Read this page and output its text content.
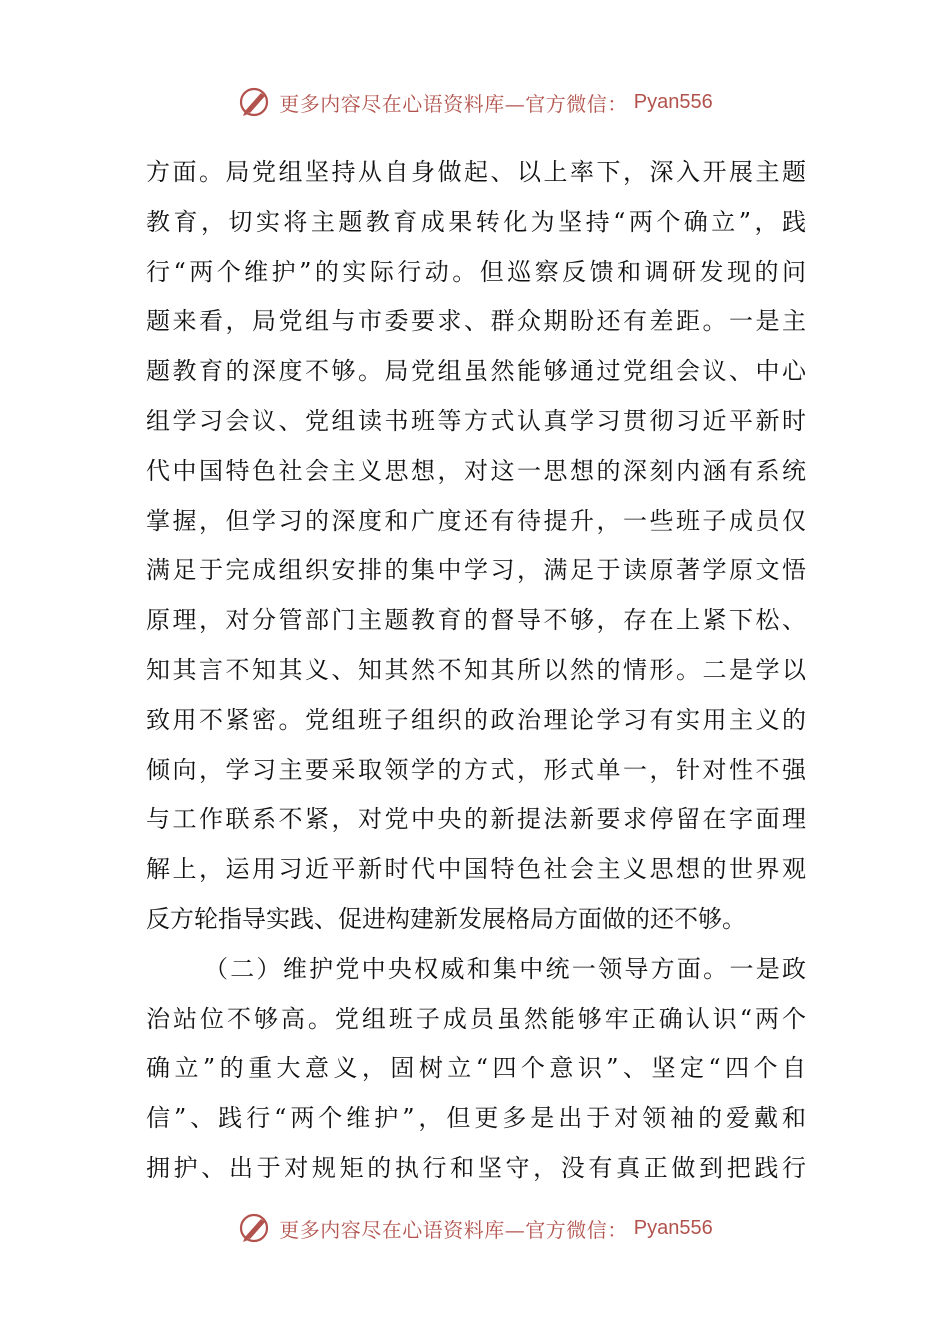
更多内容尽在心语资料库—官方微信： Pyan556
方面。局党组坚持从自身做起、以上率下，深入开展主题
教育，切实将主题教育成果转化为坚持“两个确立”，践
行“两个维护”的实际行动。但巡察反馈和调研发现的问
题来看，局党组与市委要求、群众期盼还有差距。一是主
题教育的深度不够。局党组虽然能够通过党组会议、中心
组学习会议、党组读书班等方式认真学习贯彻习近平新时
代中国特色社会主义思想，对这一思想的深刻内涵有系统
掌握，但学习的深度和广度还有待提升，一些班子成员仅
满足于完成组织安排的集中学习，满足于读原著学原文悟
原理，对分管部门主题教育的督导不够，存在上紧下松、
知其言不知其义、知其然不知其所以然的情形。二是学以
致用不紧密。党组班子组织的政治理论学习有实用主义的
倾向，学习主要采取领学的方式，形式单一，针对性不强
与工作联系不紧，对党中央的新提法新要求停留在字面理
解上，运用习近平新时代中国特色社会主义思想的世界观
反方轮指导实践、促进构建新发展格局方面做的还不够。
（二）维护党中央权威和集中统一领导方面。一是政
治站位不够高。党组班子成员虽然能够牢正确认识“两个
确立”的重大意义，固树立“四个意识”、坚定“四个自
信”、践行“两个维护”，但更多是出于对领袖的爱戴和
拥护、出于对规矩的执行和坚守，没有真正做到把践行
更多内容尽在心语资料库—官方微信： Pyan556
